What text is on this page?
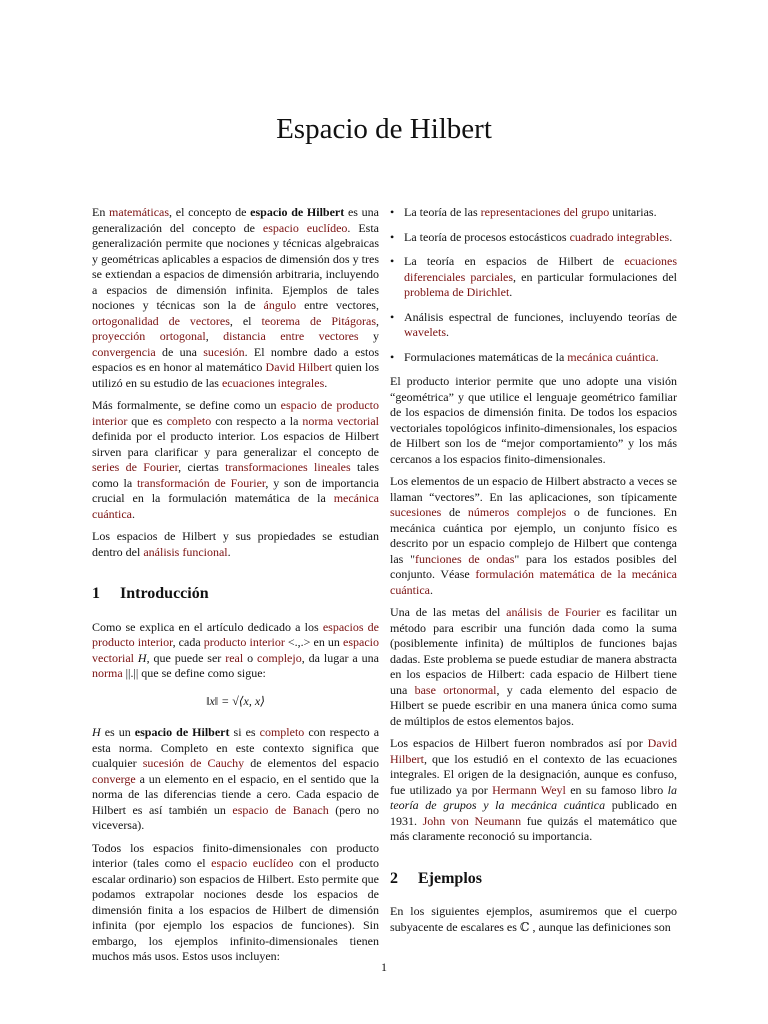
Espacio de Hilbert

En matemáticas, el concepto de espacio de Hilbert es una generalización del concepto de espacio euclídeo. Esta generalización permite que nociones y técnicas algebraicas y geométricas aplicables a espacios de dimensión dos y tres se extiendan a espacios de dimensión arbitraria, incluyendo a espacios de dimensión infinita. Ejemplos de tales nociones y técnicas son la de ángulo entre vectores, ortogonalidad de vectores, el teorema de Pitágoras, proyección ortogonal, distancia entre vectores y convergencia de una sucesión. El nombre dado a estos espacios es en honor al matemático David Hilbert quien los utilizó en su estudio de las ecuaciones integrales.

Más formalmente, se define como un espacio de producto interior que es completo con respecto a la norma vectorial definida por el producto interior. Los espacios de Hilbert sirven para clarificar y para generalizar el concepto de series de Fourier, ciertas transformaciones lineales tales como la transformación de Fourier, y son de importancia crucial en la formulación matemática de la mecánica cuántica.

Los espacios de Hilbert y sus propiedades se estudian dentro del análisis funcional.

1 Introducción

Como se explica en el artículo dedicado a los espacios de producto interior, cada producto interior <.,.> en un espacio vectorial H, que puede ser real o complejo, da lugar a una norma ||.|| que se define como sigue:

‖x‖ = √⟨x, x⟩

H es un espacio de Hilbert si es completo con respecto a esta norma. Completo en este contexto significa que cualquier sucesión de Cauchy de elementos del espacio converge a un elemento en el espacio, en el sentido que la norma de las diferencias tiende a cero. Cada espacio de Hilbert es así también un espacio de Banach (pero no viceversa).

Todos los espacios finito-dimensionales con producto interior (tales como el espacio euclídeo con el producto escalar ordinario) son espacios de Hilbert. Esto permite que podamos extrapolar nociones desde los espacios de dimensión finita a los espacios de Hilbert de dimensión infinita (por ejemplo los espacios de funciones). Sin embargo, los ejemplos infinito-dimensionales tienen muchos más usos. Estos usos incluyen:

• La teoría de las representaciones del grupo unitarias.
• La teoría de procesos estocásticos cuadrado integrables.
• La teoría en espacios de Hilbert de ecuaciones diferenciales parciales, en particular formulaciones del problema de Dirichlet.
• Análisis espectral de funciones, incluyendo teorías de wavelets.
• Formulaciones matemáticas de la mecánica cuántica.

El producto interior permite que uno adopte una visión “geométrica” y que utilice el lenguaje geométrico familiar de los espacios de dimensión finita. De todos los espacios vectoriales topológicos infinito-dimensionales, los espacios de Hilbert son los de “mejor comportamiento” y los más cercanos a los espacios finito-dimensionales.

Los elementos de un espacio de Hilbert abstracto a veces se llaman “vectores”. En las aplicaciones, son típicamente sucesiones de números complejos o de funciones. En mecánica cuántica por ejemplo, un conjunto físico es descrito por un espacio complejo de Hilbert que contenga las "funciones de ondas" para los estados posibles del conjunto. Véase formulación matemática de la mecánica cuántica.

Una de las metas del análisis de Fourier es facilitar un método para escribir una función dada como la suma (posiblemente infinita) de múltiplos de funciones bajas dadas. Este problema se puede estudiar de manera abstracta en los espacios de Hilbert: cada espacio de Hilbert tiene una base ortonormal, y cada elemento del espacio de Hilbert se puede escribir en una manera única como suma de múltiplos de estos elementos bajos.

Los espacios de Hilbert fueron nombrados así por David Hilbert, que los estudió en el contexto de las ecuaciones integrales. El origen de la designación, aunque es confuso, fue utilizado ya por Hermann Weyl en su famoso libro la teoría de grupos y la mecánica cuántica publicado en 1931. John von Neumann fue quizás el matemático que más claramente reconoció su importancia.

2 Ejemplos

En los siguientes ejemplos, asumiremos que el cuerpo subyacente de escalares es ℂ , aunque las definiciones son

1
